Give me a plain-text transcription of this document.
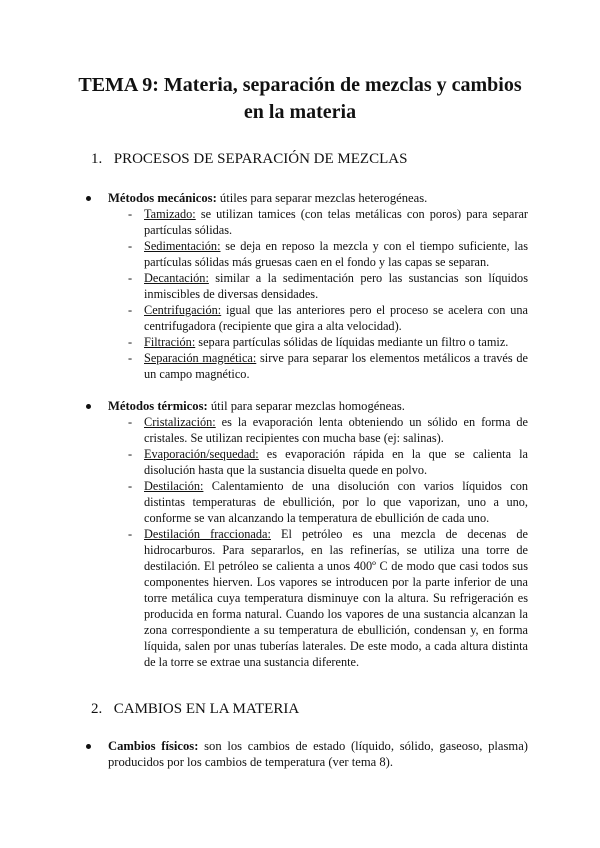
TEMA 9: Materia, separación de mezclas y cambios
en la materia
1. PROCESOS DE SEPARACIÓN DE MEZCLAS
Métodos mecánicos: útiles para separar mezclas heterogéneas.
- Tamizado: se utilizan tamices (con telas metálicas con poros) para separar partículas sólidas.
- Sedimentación: se deja en reposo la mezcla y con el tiempo suficiente, las partículas sólidas más gruesas caen en el fondo y las capas se separan.
- Decantación: similar a la sedimentación pero las sustancias son líquidos inmiscibles de diversas densidades.
- Centrifugación: igual que las anteriores pero el proceso se acelera con una centrifugadora (recipiente que gira a alta velocidad).
- Filtración: separa partículas sólidas de líquidas mediante un filtro o tamiz.
- Separación magnética: sirve para separar los elementos metálicos a través de un campo magnético.
Métodos térmicos: útil para separar mezclas homogéneas.
- Cristalización: es la evaporación lenta obteniendo un sólido en forma de cristales. Se utilizan recipientes con mucha base (ej: salinas).
- Evaporación/sequedad: es evaporación rápida en la que se calienta la disolución hasta que la sustancia disuelta quede en polvo.
- Destilación: Calentamiento de una disolución con varios líquidos con distintas temperaturas de ebullición, por lo que vaporizan, uno a uno, conforme se van alcanzando la temperatura de ebullición de cada uno.
- Destilación fraccionada: El petróleo es una mezcla de decenas de hidrocarburos. Para separarlos, en las refinerías, se utiliza una torre de destilación. El petróleo se calienta a unos 400º C de modo que casi todos sus componentes hierven. Los vapores se introducen por la parte inferior de una torre metálica cuya temperatura disminuye con la altura. Su refrigeración es producida en forma natural. Cuando los vapores de una sustancia alcanzan la zona correspondiente a su temperatura de ebullición, condensan y, en forma líquida, salen por unas tuberías laterales. De este modo, a cada altura distinta de la torre se extrae una sustancia diferente.
2. CAMBIOS EN LA MATERIA
Cambios físicos: son los cambios de estado (líquido, sólido, gaseoso, plasma) producidos por los cambios de temperatura (ver tema 8).
